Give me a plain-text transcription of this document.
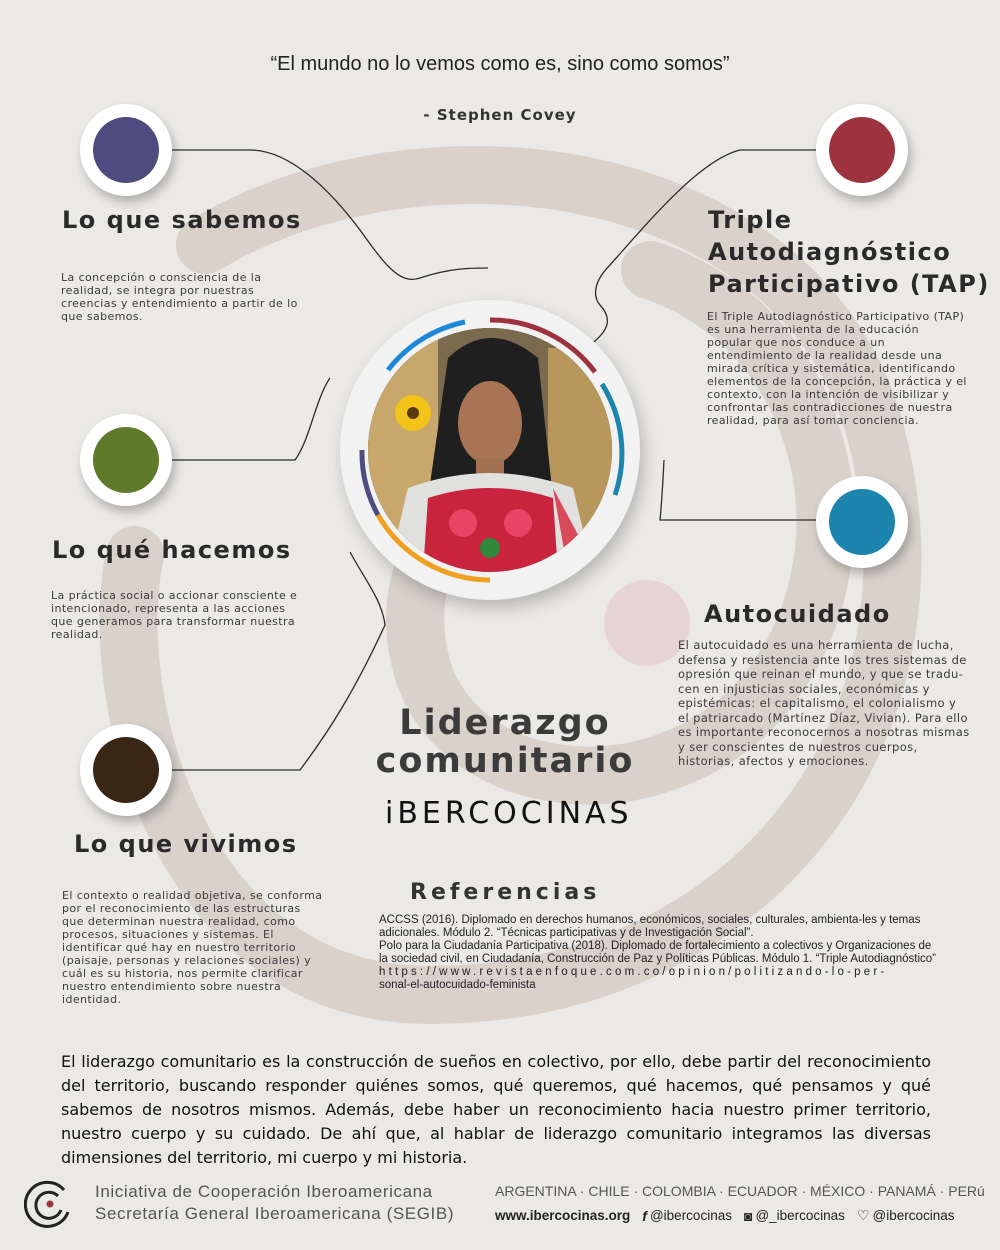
“El mundo no lo vemos como es, sino como somos”
- Stephen Covey
Lo que sabemos
La concepción o consciencia de la realidad, se integra por nuestras creencias y entendimiento a partir de lo que sabemos.
Lo qué hacemos
La práctica social o accionar consciente e intencionado, representa a las acciones que generamos para transformar nuestra realidad.
Lo que vivimos
El contexto o realidad objetiva, se conforma por el reconocimiento de las estructuras que determinan nuestra realidad, como procesos, situaciones y sistemas. El identificar qué hay en nuestro territorio (paisaje, personas y relaciones sociales) y cuál es su historia, nos permite clarificar nuestro entendimiento sobre nuestra identidad.
Triple
Autodiagnóstico
Participativo (TAP)
El Triple Autodiagnóstico Participativo (TAP) es una herramienta de la educación popular que nos conduce a un entendimiento de la realidad desde una mirada crítica y sistemática, identificando elementos de la concepción, la práctica y el contexto, con la intención de visibilizar y confrontar las contradicciones de nuestra realidad, para así tomar conciencia.
Autocuidado
El autocuidado es una herramienta de lucha, defensa y resistencia ante los tres sistemas de opresión que reinan el mundo, y que se tradu-cen en injusticias sociales, económicas y epistémicas: el capitalismo, el colonialismo y el patriarcado (Martínez Díaz, Vivian). Para ello es importante reconocernos a nosotras mismas y ser conscientes de nuestros cuerpos, historias, afectos y emociones.
Liderazgo
comunitario
iBERCOCINAS
Referencias
ACCSS (2016). Diplomado en derechos humanos, económicos, sociales, culturales, ambienta-les y temas adicionales. Módulo 2. “Técnicas participativas y de Investigación Social”.
Polo para la Ciudadanía Participativa (2018). Diplomado de fortalecimiento a colectivos y Organizaciones de la sociedad civil, en Ciudadanía, Construcción de Paz y Políticas Públicas. Módulo 1. “Triple Autodiagnóstico”
https://www.revistaenfoque.com.co/opinion/politizando-lo-per-
sonal-el-autocuidado-feminista
El liderazgo comunitario es la construcción de sueños en colectivo, por ello, debe partir del reconocimiento del territorio, buscando responder quiénes somos, qué queremos, qué hacemos, qué pensamos y qué sabemos de nosotros mismos. Además, debe haber un reconocimiento hacia nuestro primer territorio, nuestro cuerpo y su cuidado. De ahí que, al hablar de liderazgo comunitario integramos las diversas dimensiones del territorio, mi cuerpo y mi historia.
Iniciativa de Cooperación Iberoamericana
Secretaría General Iberoamericana (SEGIB)
ARGENTINA · CHILE · COLOMBIA · ECUADOR · MÉXICO · PANAMÁ · PERú
www.ibercocinas.org f @ibercocinas ◙ @_ibercocinas ♡ @ibercocinas
